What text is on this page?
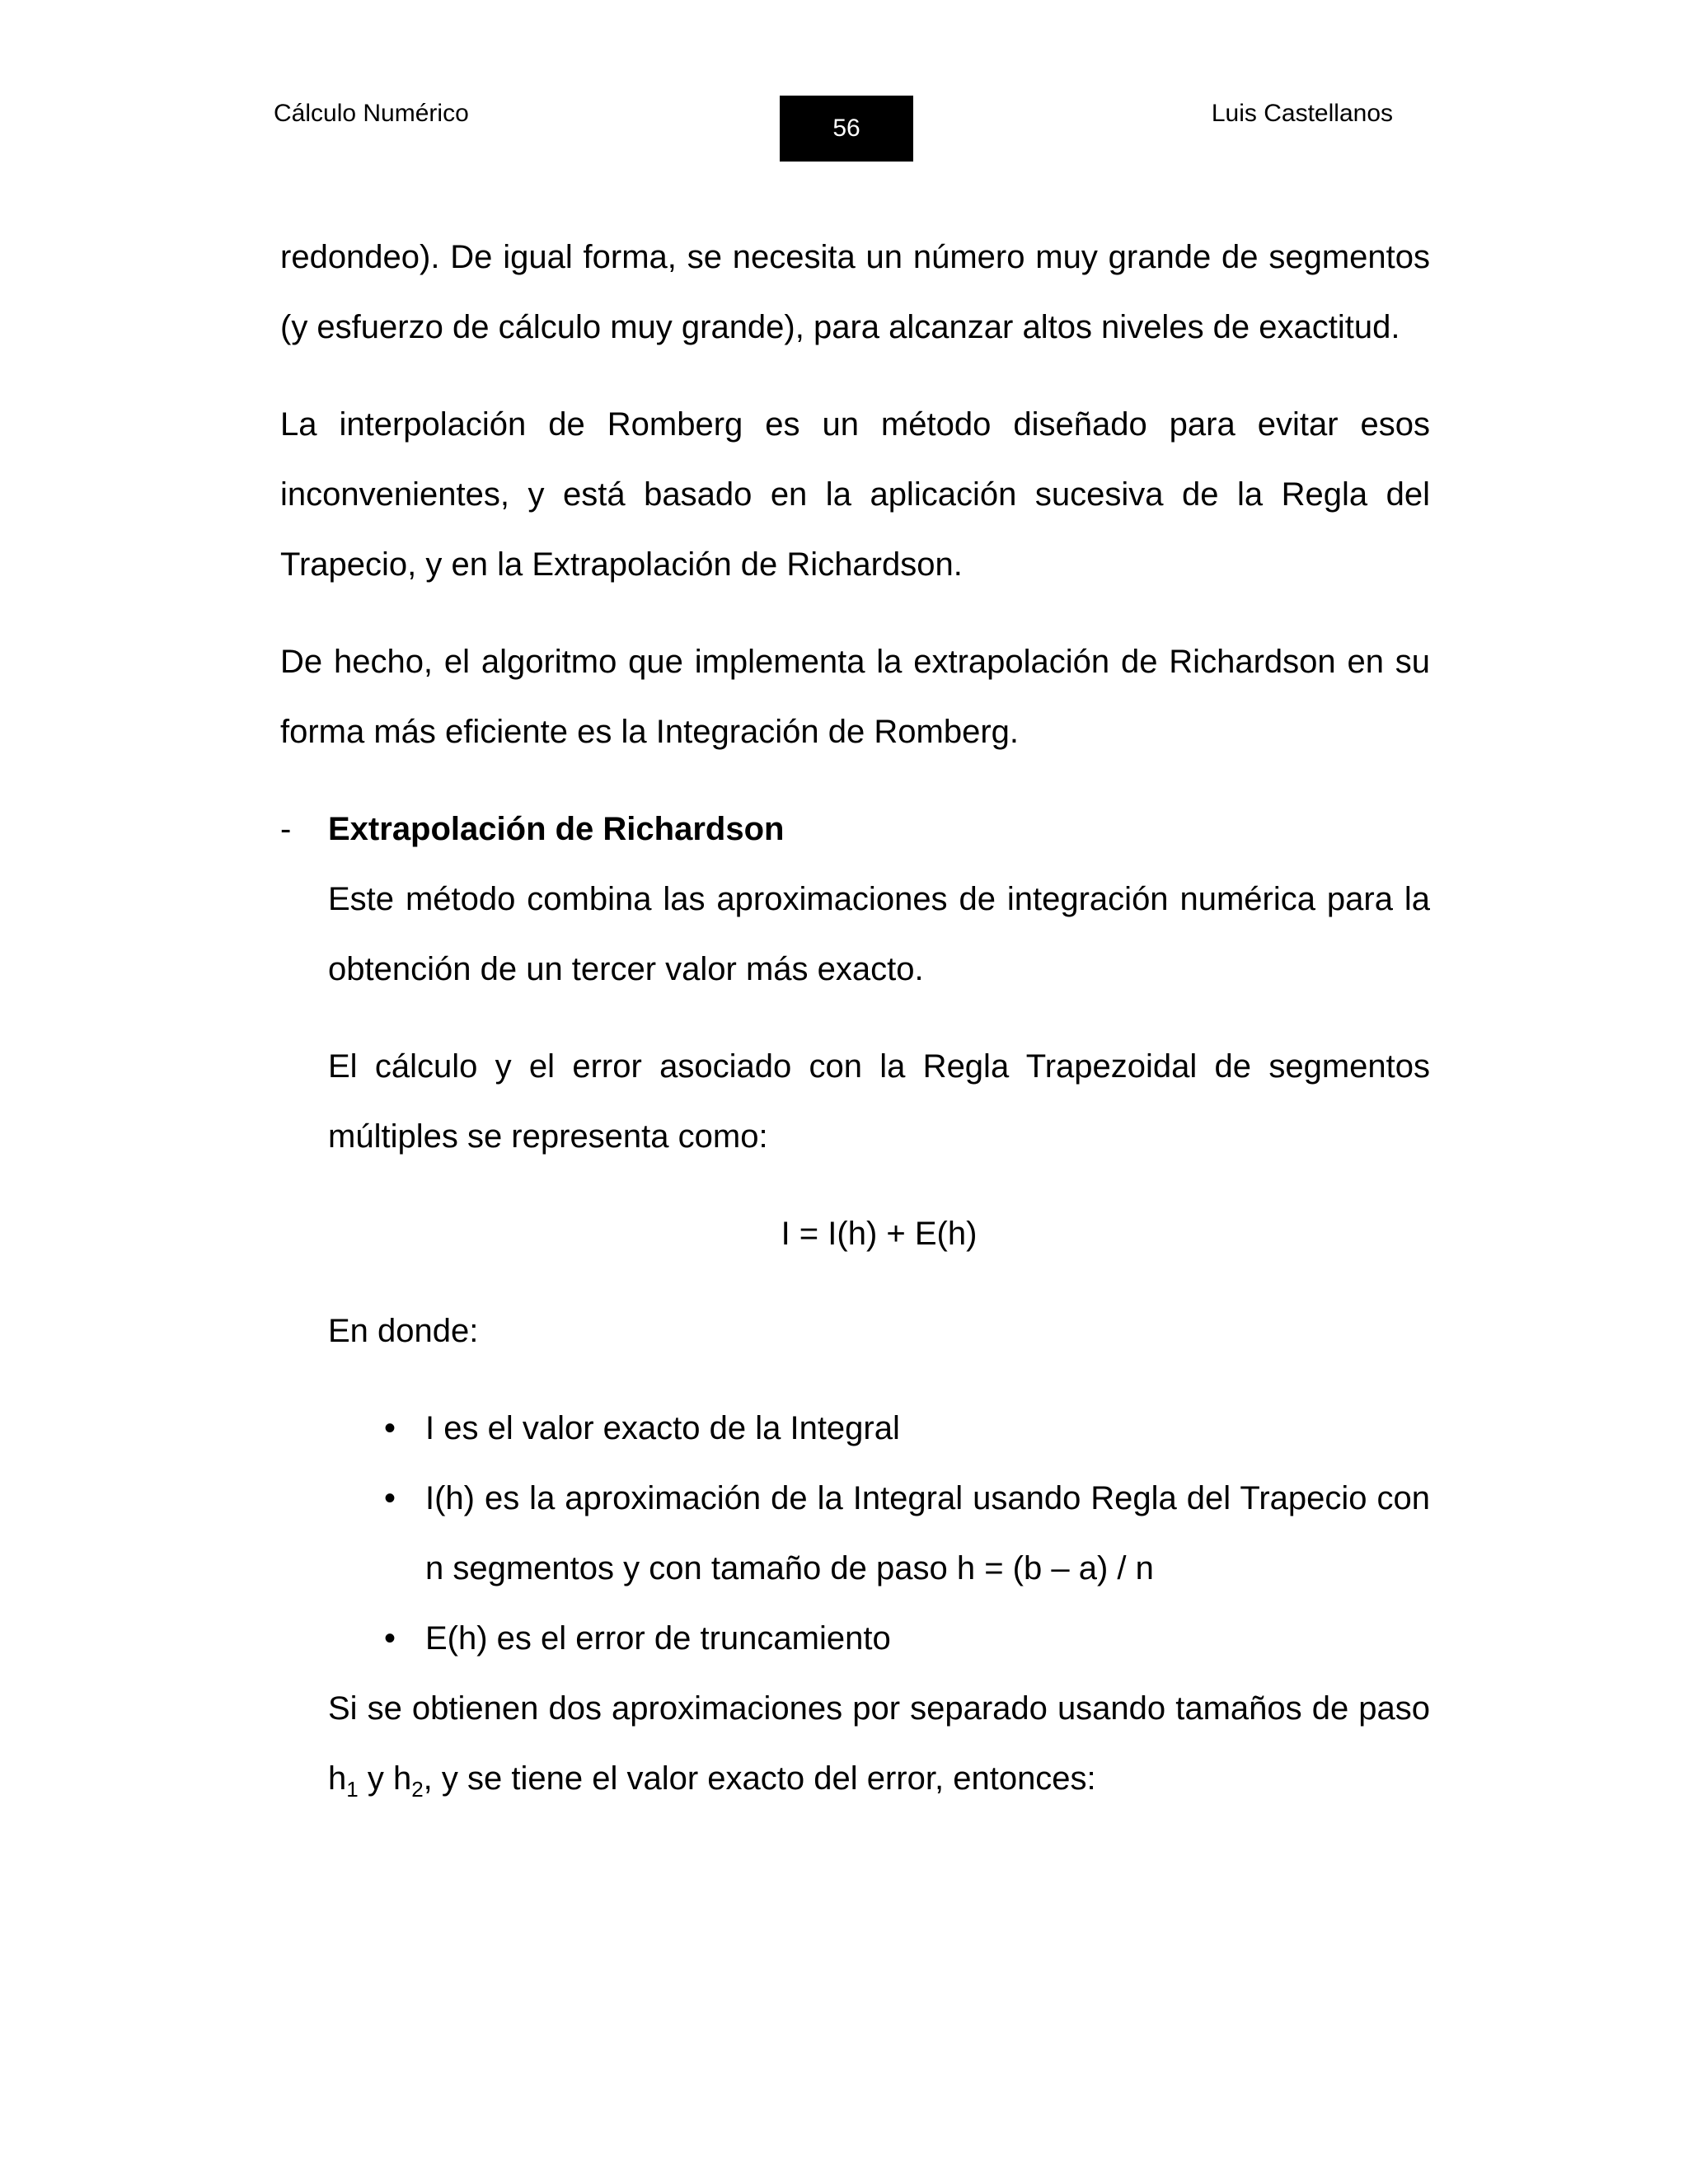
Cálculo Numérico
56
Luis Castellanos

redondeo). De igual forma, se necesita un número muy grande de segmentos (y esfuerzo de cálculo muy grande), para alcanzar altos niveles de exactitud.

La interpolación de Romberg es un método diseñado para evitar esos inconvenientes, y está basado en la aplicación sucesiva de la Regla del Trapecio, y en la Extrapolación de Richardson.

De hecho, el algoritmo que implementa la extrapolación de Richardson en su forma más eficiente es la Integración de Romberg.

-	Extrapolación de Richardson

Este método combina las aproximaciones de integración numérica para la obtención de un tercer valor más exacto.

El cálculo y el error asociado con la Regla Trapezoidal de segmentos múltiples se representa como:

I = I(h) + E(h)

En donde:

• I es el valor exacto de la Integral
• I(h) es la aproximación de la Integral usando Regla del Trapecio con n segmentos y con tamaño de paso h = (b – a) / n
• E(h) es el error de truncamiento

Si se obtienen dos aproximaciones por separado usando tamaños de paso $h_1$ y $h_2$, y se tiene el valor exacto del error, entonces:
